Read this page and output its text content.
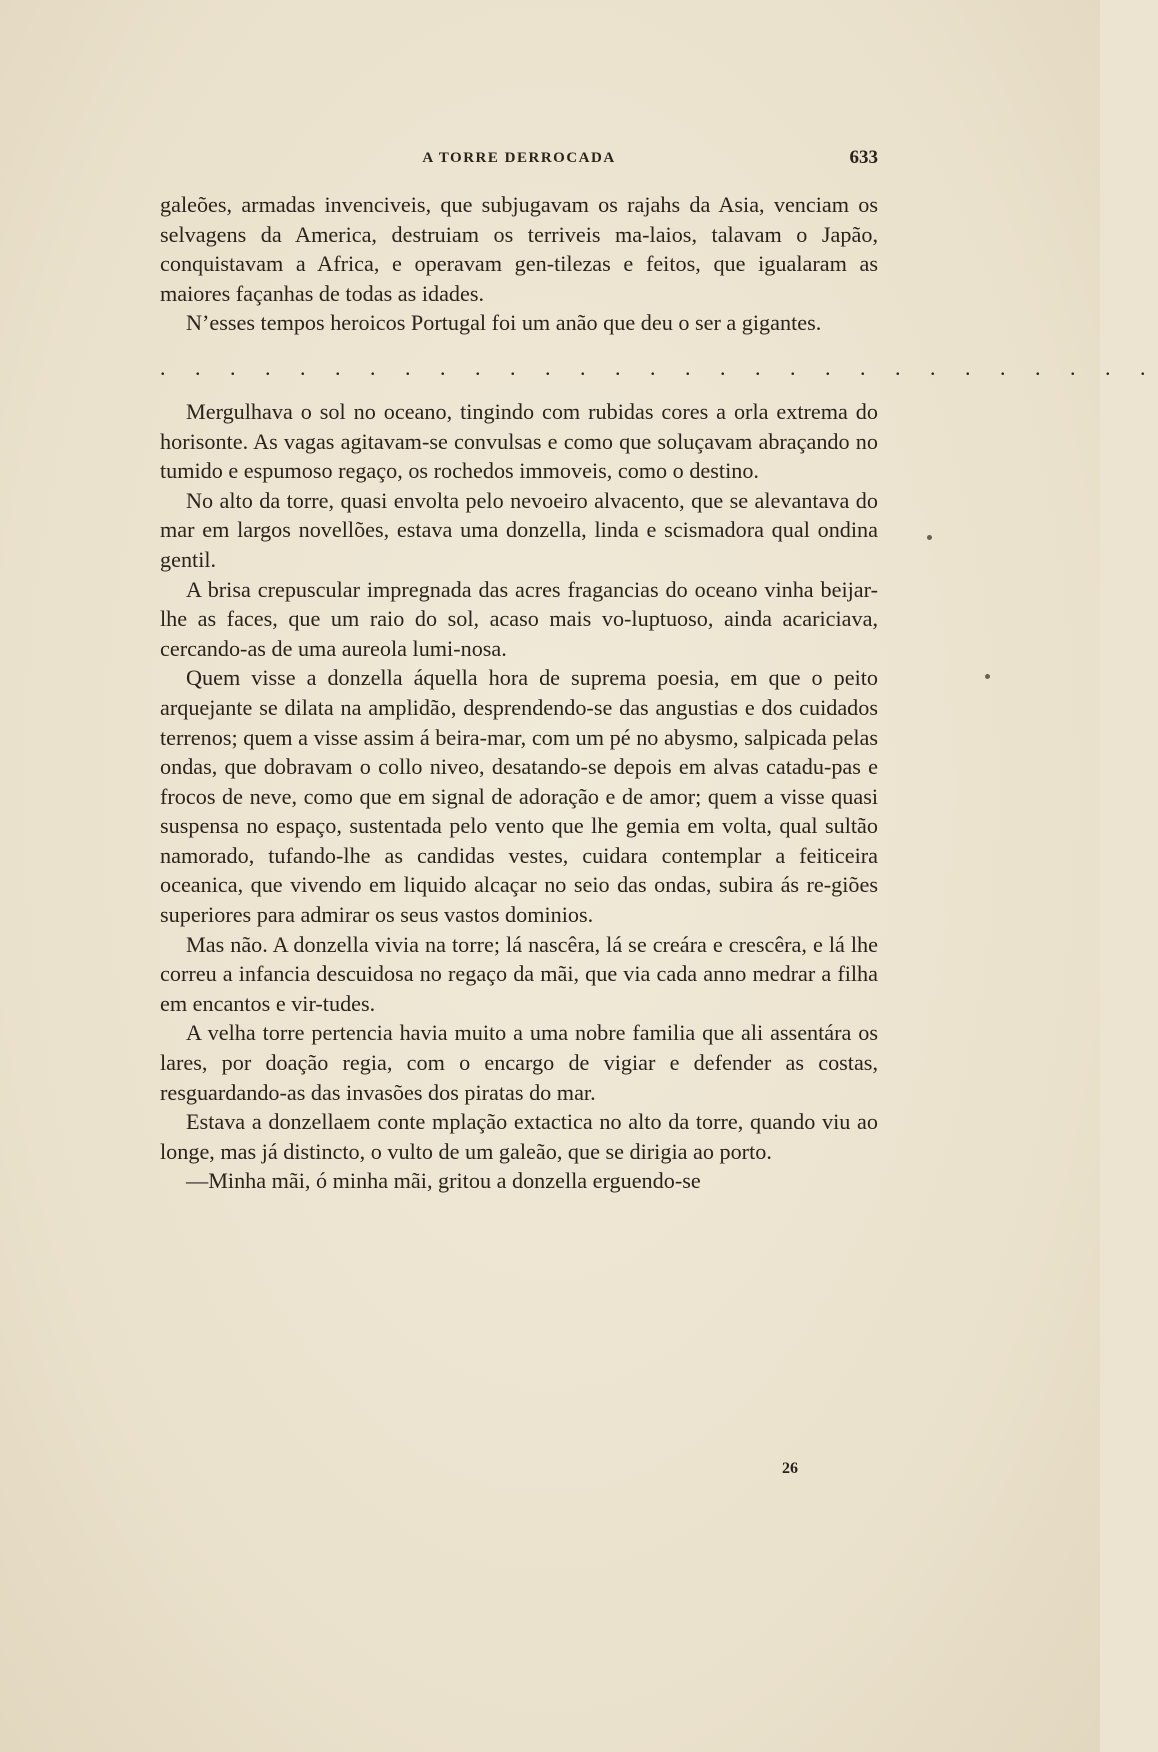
A TORRE DERROCADA	633

galeões, armadas invenciveis, que subjugavam os rajahs da Asia, venciam os selvagens da America, destruiam os terriveis ma-laios, talavam o Japão, conquistavam a Africa, e operavam gen-tilezas e feitos, que igualaram as maiores façanhas de todas as idades.

N’esses tempos heroicos Portugal foi um anão que deu o ser a gigantes.

. . . . . . . . . . . . . . . . . . . . . . . . . . . . .

Mergulhava o sol no oceano, tingindo com rubidas cores a orla extrema do horisonte. As vagas agitavam-se convulsas e como que soluçavam abraçando no tumido e espumoso regaço, os rochedos immoveis, como o destino.

No alto da torre, quasi envolta pelo nevoeiro alvacento, que se alevantava do mar em largos novellões, estava uma donzella, linda e scismadora qual ondina gentil.

A brisa crepuscular impregnada das acres fragancias do oceano vinha beijar-lhe as faces, que um raio do sol, acaso mais vo-luptuoso, ainda acariciava, cercando-as de uma aureola lumi-nosa.

Quem visse a donzella áquella hora de suprema poesia, em que o peito arquejante se dilata na amplidão, desprendendo-se das angustias e dos cuidados terrenos; quem a visse assim á beira-mar, com um pé no abysmo, salpicada pelas ondas, que dobravam o collo niveo, desatando-se depois em alvas catadu-pas e frocos de neve, como que em signal de adoração e de amor; quem a visse quasi suspensa no espaço, sustentada pelo vento que lhe gemia em volta, qual sultão namorado, tufando-lhe as candidas vestes, cuidara contemplar a feiticeira oceanica, que vivendo em liquido alcaçar no seio das ondas, subira ás re-giões superiores para admirar os seus vastos dominios.

Mas não. A donzella vivia na torre; lá nascêra, lá se creára e crescêra, e lá lhe correu a infancia descuidosa no regaço da mãi, que via cada anno medrar a filha em encantos e vir-tudes.

A velha torre pertencia havia muito a uma nobre familia que ali assentára os lares, por doação regia, com o encargo de vigiar e defender as costas, resguardando-as das invasões dos piratas do mar.

Estava a donzellaem conte mplação extactica no alto da torre, quando viu ao longe, mas já distincto, o vulto de um galeão, que se dirigia ao porto.

—Minha mãi, ó minha mãi, gritou a donzella erguendo-se

26
